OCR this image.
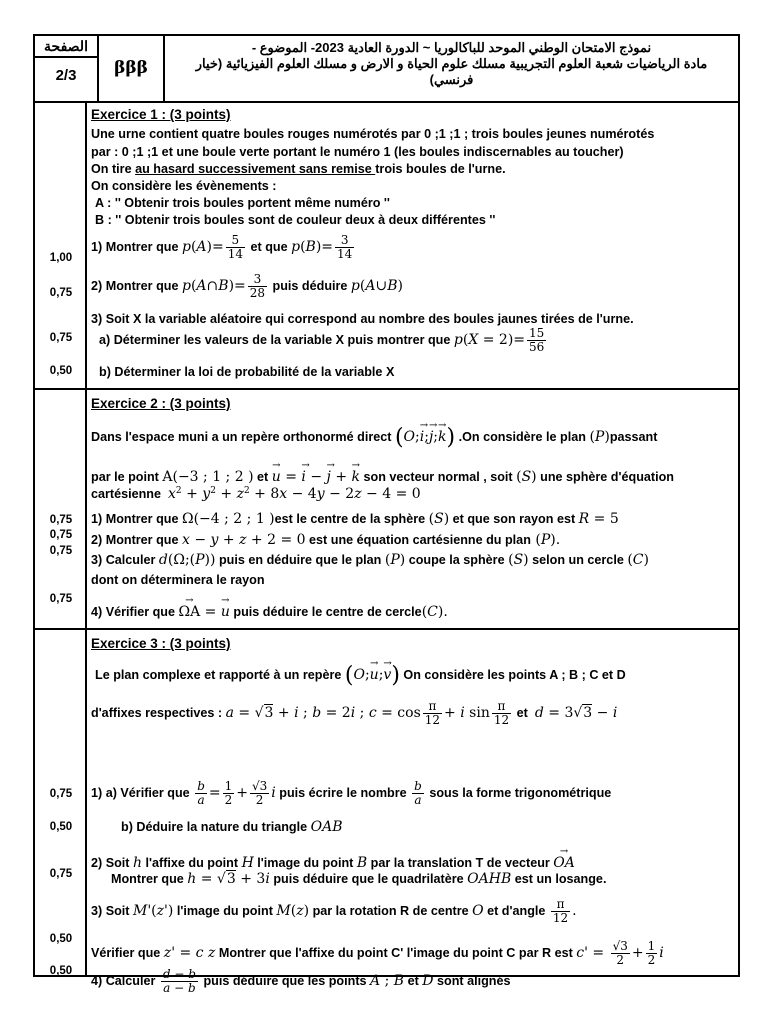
الصفحة
2/3	βββ
نموذج الامتحان الوطني الموحد للباكالوريا ~ الدورة العادية 2023- الموضوع -
مادة الرياضيات شعبة العلوم التجريبية مسلك علوم الحياة و الارض و مسلك العلوم الفيزيائية (خيار
فرنسي)
1,00
0,75
0,75
0,50
Exercice 1 : (3 points)
Une urne contient quatre boules rouges numérotés par 0 ;1 ;1 ; trois boules jeunes numérotés
par : 0 ;1 ;1 et une boule verte portant le numéro 1 (les boules indiscernables au toucher)
On tire au hasard successivement sans remise trois boules de l'urne.
On considère les évènements :
A : '' Obtenir trois boules portent même numéro ''
B : '' Obtenir trois boules sont de couleur deux à deux différentes ''
1) Montrer que $p(A)= \frac{5}{14}$ et que $p(B)= \frac{3}{14}$
2) Montrer que p(A∩B)= $\frac{3}{28}$ puis déduire p(A∪B)
3) Soit X la variable aléatoire qui correspond au nombre des boules jaunes tirées de l'urne.
a) Déterminer les valeurs de la variable X puis montrer que $p(X = 2)= \frac{15}{56}$
b) Déterminer la loi de probabilité de la variable X
0,75
0,75
0,75
0,75
Exercice 2 : (3 points)
Dans l'espace muni a un repère orthonormé direct (O;→ i;→ j;→ k) .On considère le plan (P)passant
par le point A(−3 ; 1 ; 2 ) et → u = → i − → j + → k son vecteur normal , soit (S) une sphère d'équation
cartésienne $x^2 + y^2 + z^2 + 8x - 4y - 2z - 4 = 0$
1) Montrer que Ω(−4 ; 2 ; 1 )est le centre de la sphère (S) et que son rayon est R = 5
2) Montrer que x − y + z + 2 = 0 est une équation cartésienne du plan (P).
3) Calculer d(Ω;(P)) puis en déduire que le plan (P) coupe la sphère (S) selon un cercle (C)
dont on déterminera le rayon
4) Vérifier que → ΩA = → u puis déduire le centre de cercle(C).
0,75
0,50
0,75
0,50
0,50
Exercice 3 : (3 points)
Le plan complexe et rapporté à un repère (O;→ u;→ v) On considère les points A ; B ; C et D
d'affixes respectives : a = √3 + i ; b = 2i ; $c = \cos \frac{\pi}{12} + i$ $\sin \frac{\pi}{12}$ et d = 3√3 − i
1) a) Vérifier que $\frac{b}{a} = \frac{1}{2} + \frac{√3}{2}$ i puis écrire le nombre $\frac{b}{a}$ sous la forme trigonométrique
b) Déduire la nature du triangle OAB
2) Soit h l'affixe du point H l'image du point B par la translation T de vecteur → OA
Montrer que h = √3 + 3i puis déduire que le quadrilatère OAHB est un losange.
3) Soit M'(z') l'image du point M(z) par la rotation R de centre O et d'angle $\frac{\pi}{12}$ .
Vérifier que z' = c z Montrer que l'affixe du point C' l'image du point C par R est $c' = \frac{√3}{2} + \frac{1}{2}$ i
4) Calculer $\frac{d - b}{a - b}$ puis déduire que les points A ; B et D sont alignés
